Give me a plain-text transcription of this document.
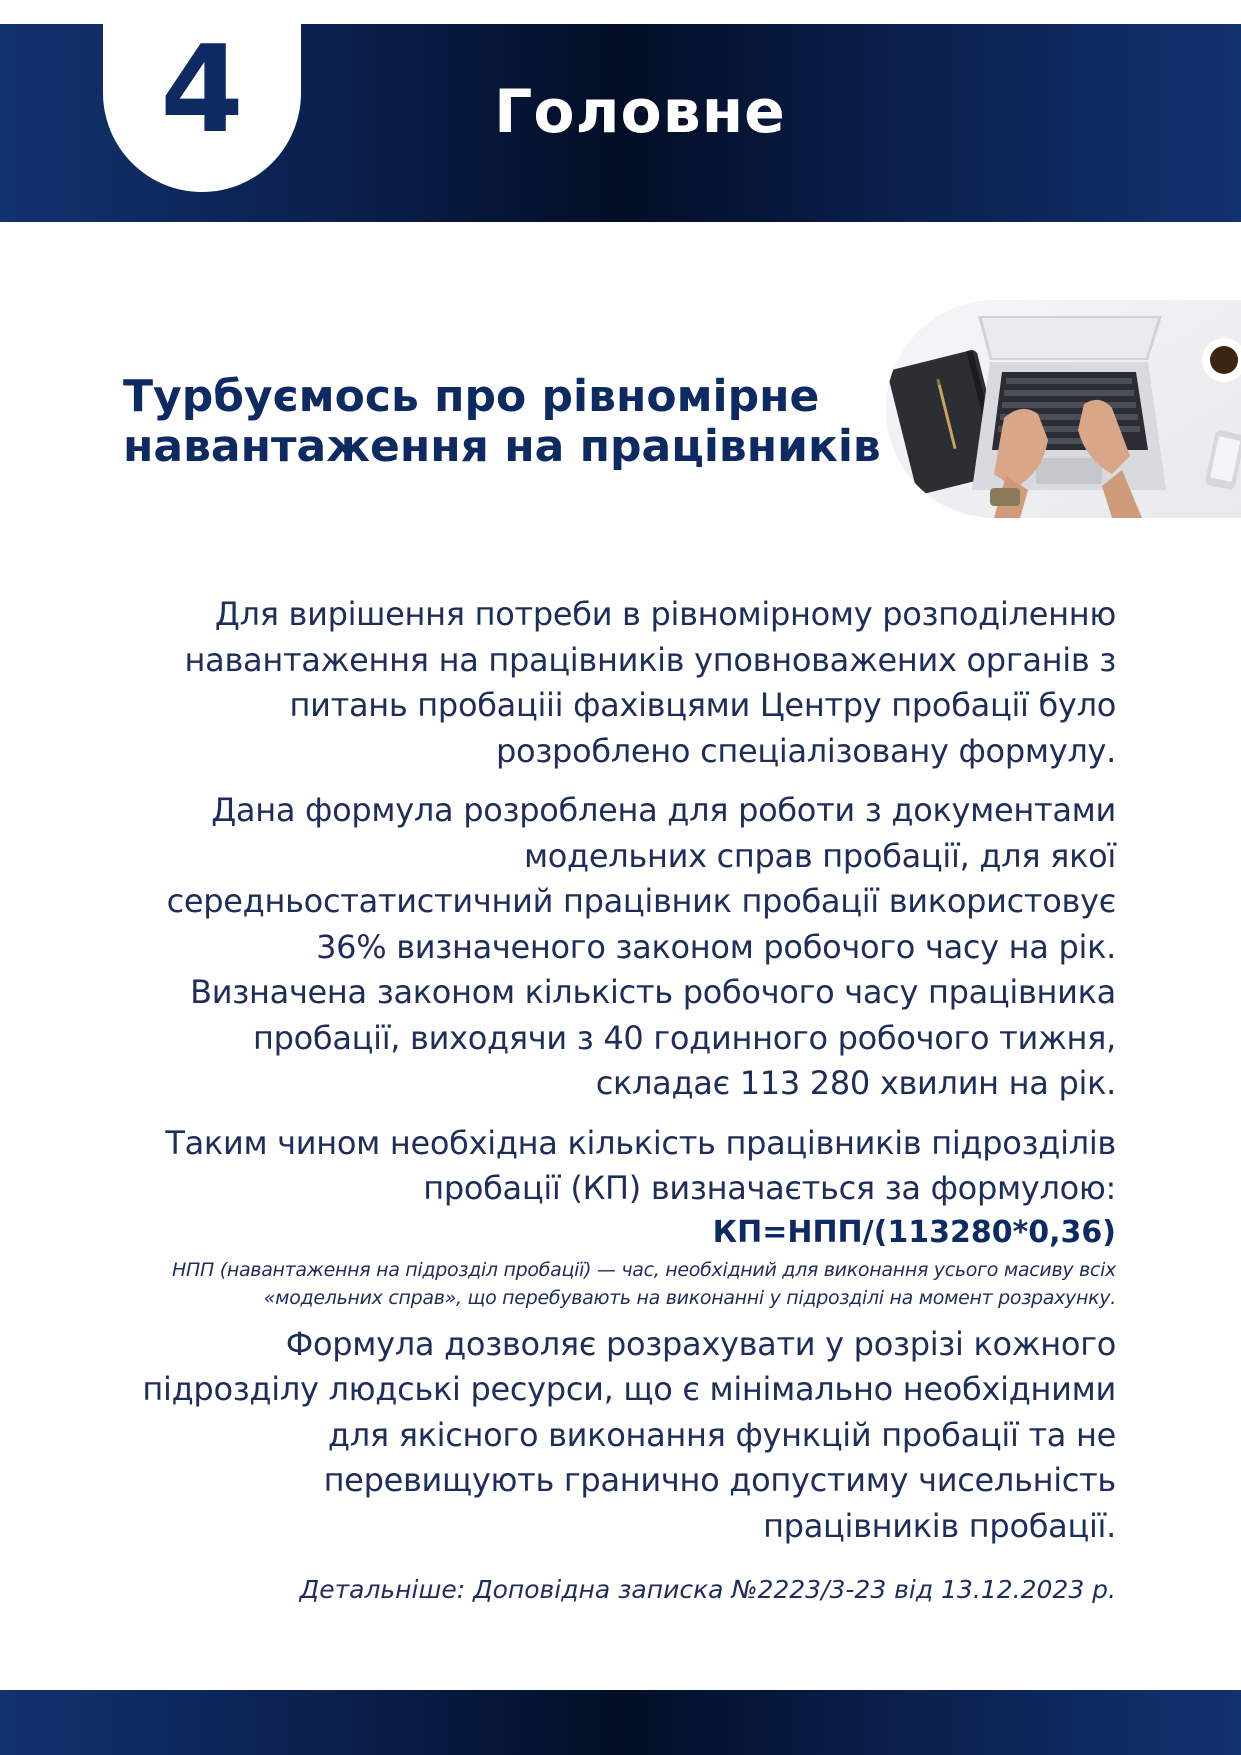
4	Головне
Турбуємось про рівномірне
навантаження на працівників

Для вирішення потреби в рівномірному розподіленню навантаження на працівників уповноважених органів з питань пробацііі фахівцями Центру пробації було розроблено спеціалізовану формулу.

Дана формула розроблена для роботи з документами модельних справ пробації, для якої середньостатистичний працівник пробації використовує 36% визначеного законом робочого часу на рік. Визначена законом кількість робочого часу працівника пробації, виходячи з 40 годинного робочого тижня, складає 113 280 хвилин на рік.

Таким чином необхідна кількість працівників підрозділів пробації (КП) визначається за формулою:

КП=НПП/(113280*0,36)

НПП (навантаження на підрозділ пробації) — час, необхідний для виконання усього масиву всіх «модельних справ», що перебувають на виконанні у підрозділі на момент розрахунку.

Формула дозволяє розрахувати у розрізі кожного підрозділу людські ресурси, що є мінімально необхідними для якісного виконання функцій пробації та не перевищують гранично допустиму чисельність працівників пробації.

Детальніше: Доповідна записка №2223/3-23 від 13.12.2023 р.
